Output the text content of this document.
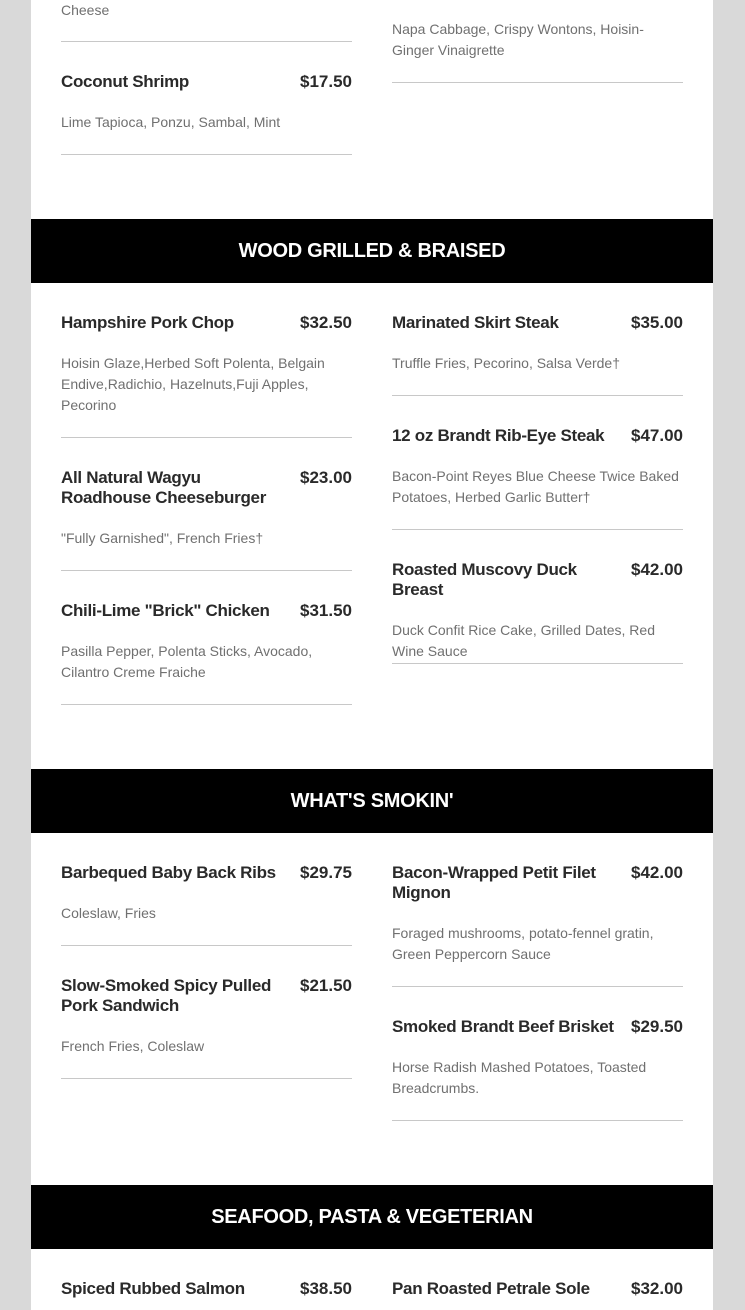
Cheese
Napa Cabbage, Crispy Wontons, Hoisin-Ginger Vinaigrette
Coconut Shrimp	$17.50
Lime Tapioca, Ponzu, Sambal, Mint
WOOD GRILLED & BRAISED
Hampshire Pork Chop	$32.50
Hoisin Glaze,Herbed Soft Polenta, Belgain Endive,Radichio, Hazelnuts,Fuji Apples, Pecorino
All Natural Wagyu Roadhouse Cheeseburger
$23.00
"Fully Garnished", French Fries†
Chili-Lime "Brick" Chicken $31.50
Pasilla Pepper, Polenta Sticks, Avocado, Cilantro Creme Fraiche
Marinated Skirt Steak	$35.00
Truffle Fries, Pecorino, Salsa Verde†
12 oz Brandt Rib-Eye Steak $47.00
Bacon-Point Reyes Blue Cheese Twice Baked Potatoes, Herbed Garlic Butter†
Roasted Muscovy Duck Breast
$42.00
Duck Confit Rice Cake, Grilled Dates, Red Wine Sauce
WHAT'S SMOKIN'
Barbequed Baby Back Ribs $29.75
Coleslaw, Fries
Slow-Smoked Spicy Pulled Pork Sandwich
$21.50
French Fries, Coleslaw
Bacon-Wrapped Petit Filet Mignon
$42.00
Foraged mushrooms, potato-fennel gratin, Green Peppercorn Sauce
Smoked Brandt Beef Brisket $29.50
Horse Radish Mashed Potatoes, Toasted Breadcrumbs.
SEAFOOD, PASTA & VEGETERIAN
Spiced Rubbed Salmon	$38.50 Pan Roasted Petrale Sole $32.00
